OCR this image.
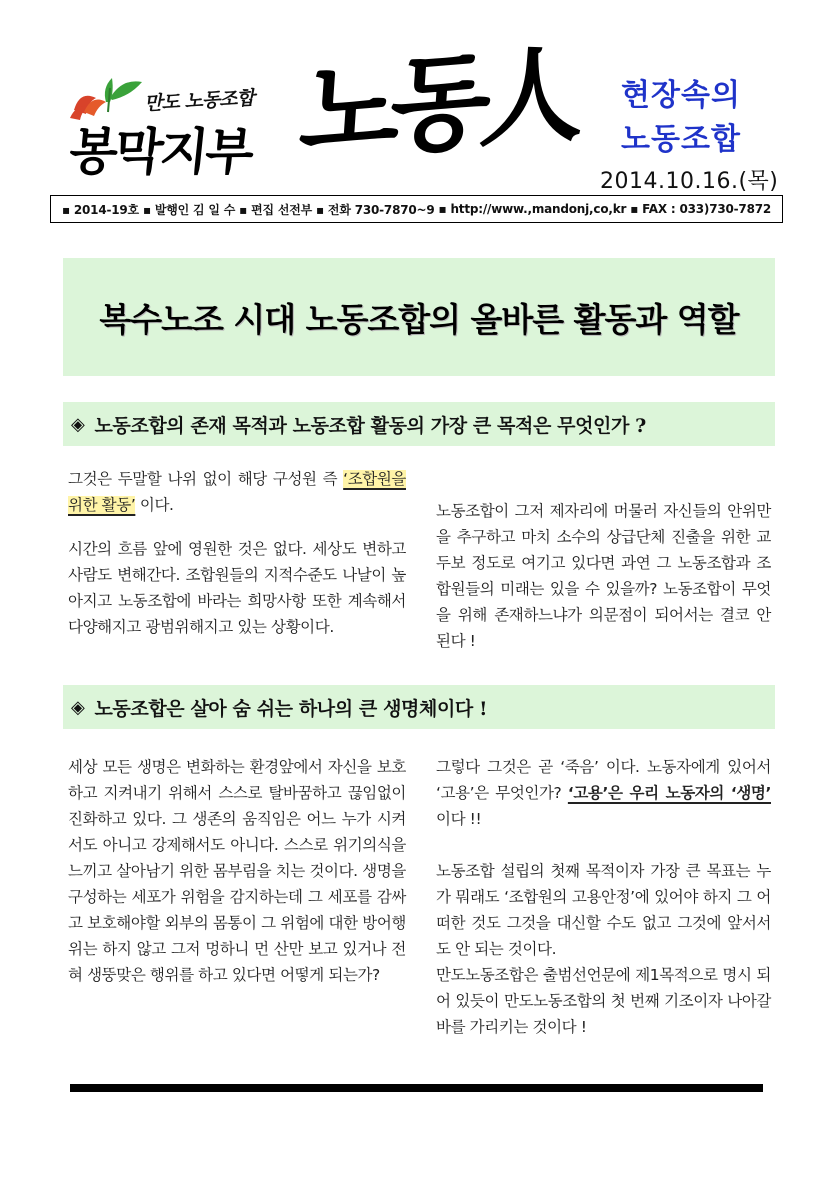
만도 노동조합
봉막지부 노동人	현장속의
노동조합
2014.10.16.(목)
▪ 2014-19호 ▪ 발행인 김 일 수 ▪ 편집 선전부 ▪ 전화 730-7870~9 ▪ http://www.,mandonj,co,kr ▪ FAX : 033)730-7872
복수노조 시대 노동조합의 올바른 활동과 역할
◈ 노동조합의 존재 목적과 노동조합 활동의 가장 큰 목적은 무엇인가 ?

그것은 두말할 나위 없이 해당 구성원 즉 ‘조합원을 위한 활동’ 이다.

시간의 흐름 앞에 영원한 것은 없다. 세상도 변하고 사람도 변해간다. 조합원들의 지적수준도 나날이 높아지고 노동조합에 바라는 희망사항 또한 계속해서 다양해지고 광범위해지고 있는 상황이다.

노동조합이 그저 제자리에 머물러 자신들의 안위만을 추구하고 마치 소수의 상급단체 진출을 위한 교두보 정도로 여기고 있다면 과연 그 노동조합과 조합원들의 미래는 있을 수 있을까? 노동조합이 무엇을 위해 존재하느냐가 의문점이 되어서는 결코 안 된다 !

◈ 노동조합은 살아 숨 쉬는 하나의 큰 생명체이다 !

세상 모든 생명은 변화하는 환경앞에서 자신을 보호하고 지켜내기 위해서 스스로 탈바꿈하고 끊임없이 진화하고 있다. 그 생존의 움직임은 어느 누가 시켜서도 아니고 강제해서도 아니다. 스스로 위기의식을 느끼고 살아남기 위한 몸부림을 치는 것이다. 생명을 구성하는 세포가 위험을 감지하는데 그 세포를 감싸고 보호해야할 외부의 몸통이 그 위험에 대한 방어행위는 하지 않고 그저 멍하니 먼 산만 보고 있거나 전혀 생뚱맞은 행위를 하고 있다면 어떻게 되는가?

그렇다 그것은 곧 ‘죽음’ 이다. 노동자에게 있어서 ‘고용’은 무엇인가? ‘고용’은 우리 노동자의 ‘생명’ 이다 !!

노동조합 설립의 첫째 목적이자 가장 큰 목표는 누가 뭐래도 ‘조합원의 고용안정’에 있어야 하지 그 어떠한 것도 그것을 대신할 수도 없고 그것에 앞서서도 안 되는 것이다.

만도노동조합은 출범선언문에 제1목적으로 명시 되어 있듯이 만도노동조합의 첫 번째 기조이자 나아갈 바를 가리키는 것이다 !
